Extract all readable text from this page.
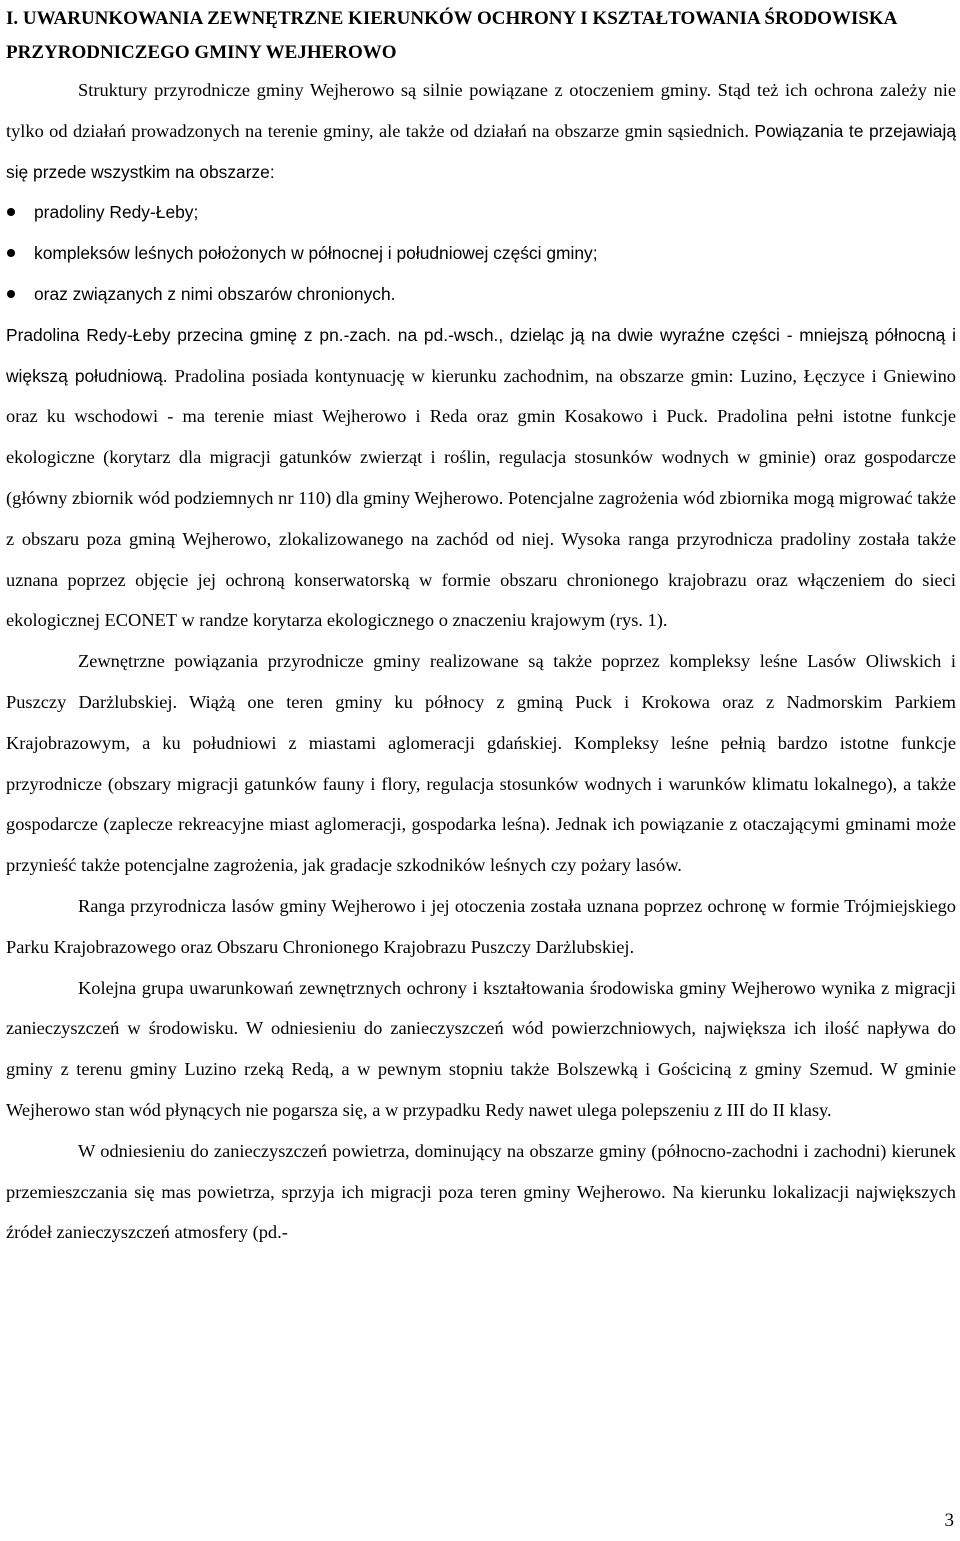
I. UWARUNKOWANIA ZEWNĘTRZNE KIERUNKÓW OCHRONY I KSZTAŁTOWANIA ŚRODOWISKA PRZYRODNICZEGO GMINY WEJHEROWO

Struktury przyrodnicze gminy Wejherowo są silnie powiązane z otoczeniem gminy. Stąd też ich ochrona zależy nie tylko od działań prowadzonych na terenie gminy, ale także od działań na obszarze gmin sąsiednich. Powiązania te przejawiają się przede wszystkim na obszarze:

pradoliny Redy-Łeby;
kompleksów leśnych położonych w północnej i południowej części gminy;
oraz związanych z nimi obszarów chronionych.

Pradolina Redy-Łeby przecina gminę z pn.-zach. na pd.-wsch., dzieląc ją na dwie wyraźne części - mniejszą północną i większą południową. Pradolina posiada kontynuację w kierunku zachodnim, na obszarze gmin: Luzino, Łęczyce i Gniewino oraz ku wschodowi - ma terenie miast Wejherowo i Reda oraz gmin Kosakowo i Puck. Pradolina pełni istotne funkcje ekologiczne (korytarz dla migracji gatunków zwierząt i roślin, regulacja stosunków wodnych w gminie) oraz gospodarcze (główny zbiornik wód podziemnych nr 110) dla gminy Wejherowo. Potencjalne zagrożenia wód zbiornika mogą migrować także z obszaru poza gminą Wejherowo, zlokalizowanego na zachód od niej. Wysoka ranga przyrodnicza pradoliny została także uznana poprzez objęcie jej ochroną konserwatorską w formie obszaru chronionego krajobrazu oraz włączeniem do sieci ekologicznej ECONET w randze korytarza ekologicznego o znaczeniu krajowym (rys. 1).

Zewnętrzne powiązania przyrodnicze gminy realizowane są także poprzez kompleksy leśne Lasów Oliwskich i Puszczy Darżlubskiej. Wiążą one teren gminy ku północy z gminą Puck i Krokowa oraz z Nadmorskim Parkiem Krajobrazowym, a ku południowi z miastami aglomeracji gdańskiej. Kompleksy leśne pełnią bardzo istotne funkcje przyrodnicze (obszary migracji gatunków fauny i flory, regulacja stosunków wodnych i warunków klimatu lokalnego), a także gospodarcze (zaplecze rekreacyjne miast aglomeracji, gospodarka leśna). Jednak ich powiązanie z otaczającymi gminami może przynieść także potencjalne zagrożenia, jak gradacje szkodników leśnych czy pożary lasów.

Ranga przyrodnicza lasów gminy Wejherowo i jej otoczenia została uznana poprzez ochronę w formie Trójmiejskiego Parku Krajobrazowego oraz Obszaru Chronionego Krajobrazu Puszczy Darżlubskiej.

Kolejna grupa uwarunkowań zewnętrznych ochrony i kształtowania środowiska gminy Wejherowo wynika z migracji zanieczyszczeń w środowisku. W odniesieniu do zanieczyszczeń wód powierzchniowych, największa ich ilość napływa do gminy z terenu gminy Luzino rzeką Redą, a w pewnym stopniu także Bolszewką i Gościciną z gminy Szemud. W gminie Wejherowo stan wód płynących nie pogarsza się, a w przypadku Redy nawet ulega polepszeniu z III do II klasy.

W odniesieniu do zanieczyszczeń powietrza, dominujący na obszarze gminy (północno-zachodni i zachodni) kierunek przemieszczania się mas powietrza, sprzyja ich migracji poza teren gminy Wejherowo. Na kierunku lokalizacji największych źródeł zanieczyszczeń atmosfery (pd.-

3
